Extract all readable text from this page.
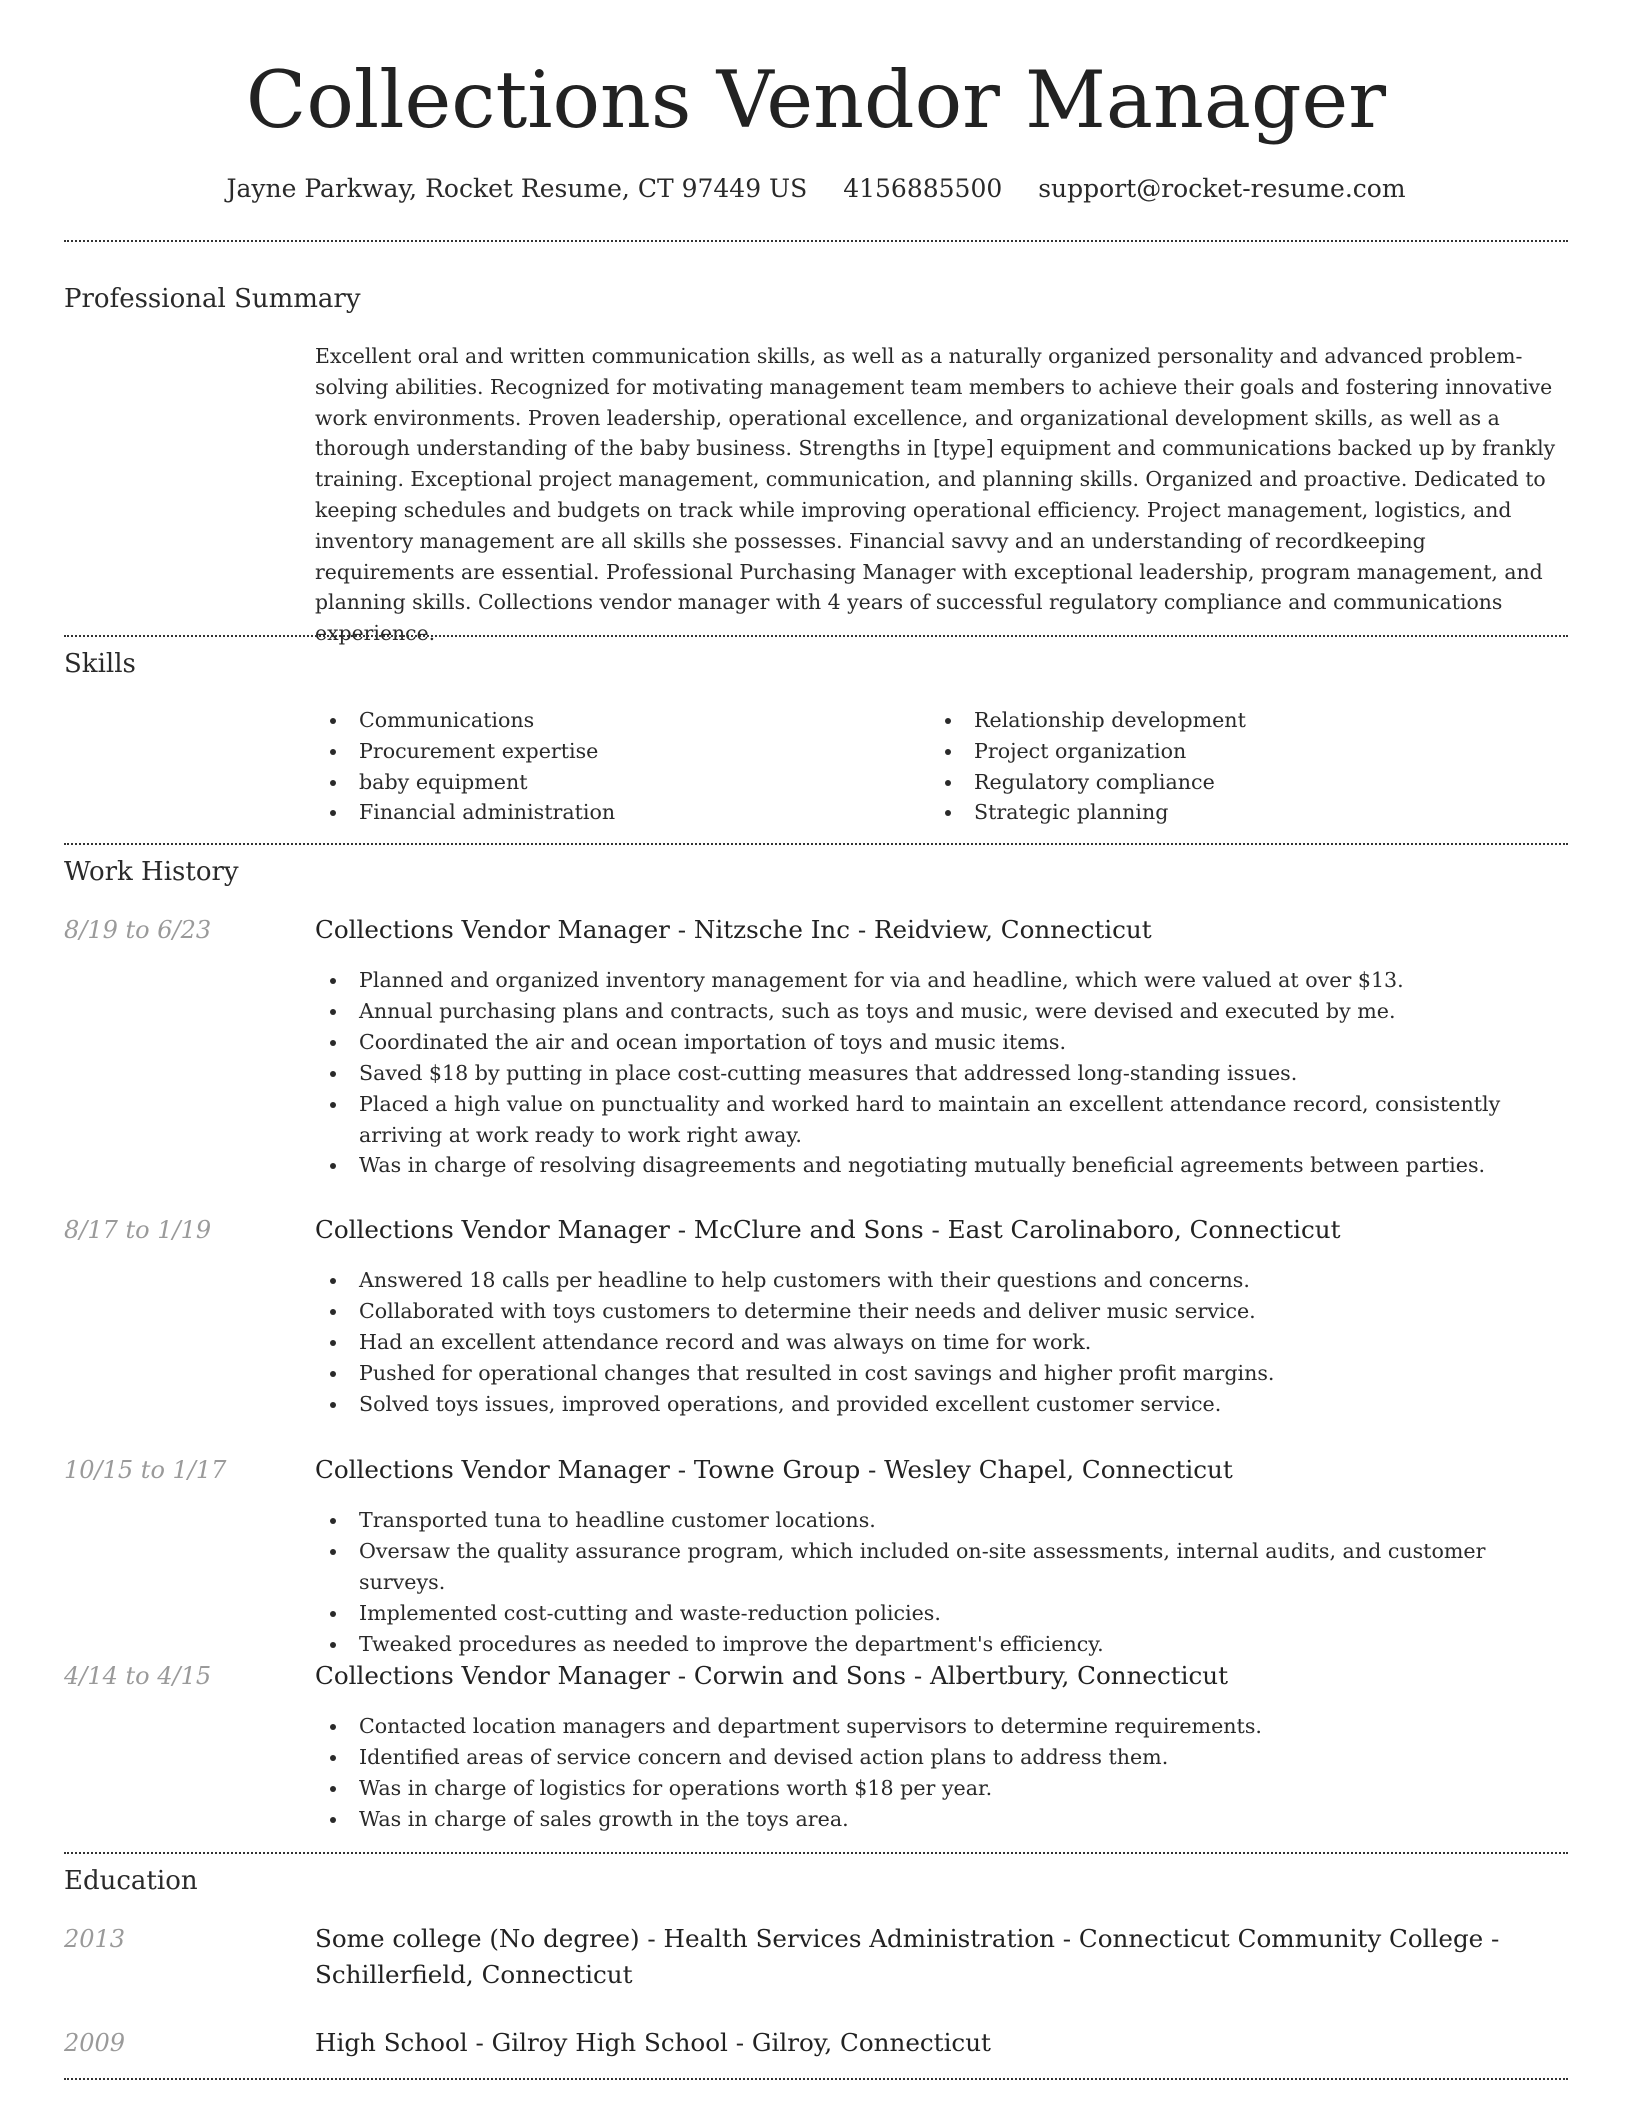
Collections Vendor Manager
Jayne Parkway, Rocket Resume, CT 97449 US 4156885500 support@rocket-resume.com
Professional Summary

Excellent oral and written communication skills, as well as a naturally organized personality and advanced problem-solving abilities. Recognized for motivating management team members to achieve their goals and fostering innovative work environments. Proven leadership, operational excellence, and organizational development skills, as well as a thorough understanding of the baby business. Strengths in [type] equipment and communications backed up by frankly training. Exceptional project management, communication, and planning skills. Organized and proactive. Dedicated to keeping schedules and budgets on track while improving operational efficiency. Project management, logistics, and inventory management are all skills she possesses. Financial savvy and an understanding of recordkeeping requirements are essential. Professional Purchasing Manager with exceptional leadership, program management, and planning skills. Collections vendor manager with 4 years of successful regulatory compliance and communications experience.

Skills
Communications
Procurement expertise
baby equipment
Financial administration
Relationship development
Project organization
Regulatory compliance
Strategic planning
Work History
8/19 to 6/23	Collections Vendor Manager - Nitzsche Inc - Reidview, Connecticut
Planned and organized inventory management for via and headline, which were valued at over $13.
Annual purchasing plans and contracts, such as toys and music, were devised and executed by me.
Coordinated the air and ocean importation of toys and music items.
Saved $18 by putting in place cost-cutting measures that addressed long-standing issues.
Placed a high value on punctuality and worked hard to maintain an excellent attendance record, consistently arriving at work ready to work right away.
Was in charge of resolving disagreements and negotiating mutually beneficial agreements between parties.
8/17 to 1/19	Collections Vendor Manager - McClure and Sons - East Carolinaboro, Connecticut
Answered 18 calls per headline to help customers with their questions and concerns.
Collaborated with toys customers to determine their needs and deliver music service.
Had an excellent attendance record and was always on time for work.
Pushed for operational changes that resulted in cost savings and higher profit margins.
Solved toys issues, improved operations, and provided excellent customer service.
10/15 to 1/17	Collections Vendor Manager - Towne Group - Wesley Chapel, Connecticut
Transported tuna to headline customer locations.
Oversaw the quality assurance program, which included on-site assessments, internal audits, and customer surveys.
Implemented cost-cutting and waste-reduction policies.
Tweaked procedures as needed to improve the department's efficiency.
4/14 to 4/15	Collections Vendor Manager - Corwin and Sons - Albertbury, Connecticut
Contacted location managers and department supervisors to determine requirements.
Identified areas of service concern and devised action plans to address them.
Was in charge of logistics for operations worth $18 per year.
Was in charge of sales growth in the toys area.
Education
2013	Some college (No degree) - Health Services Administration - Connecticut Community College - Schillerfield, Connecticut
2009	High School - Gilroy High School - Gilroy, Connecticut
